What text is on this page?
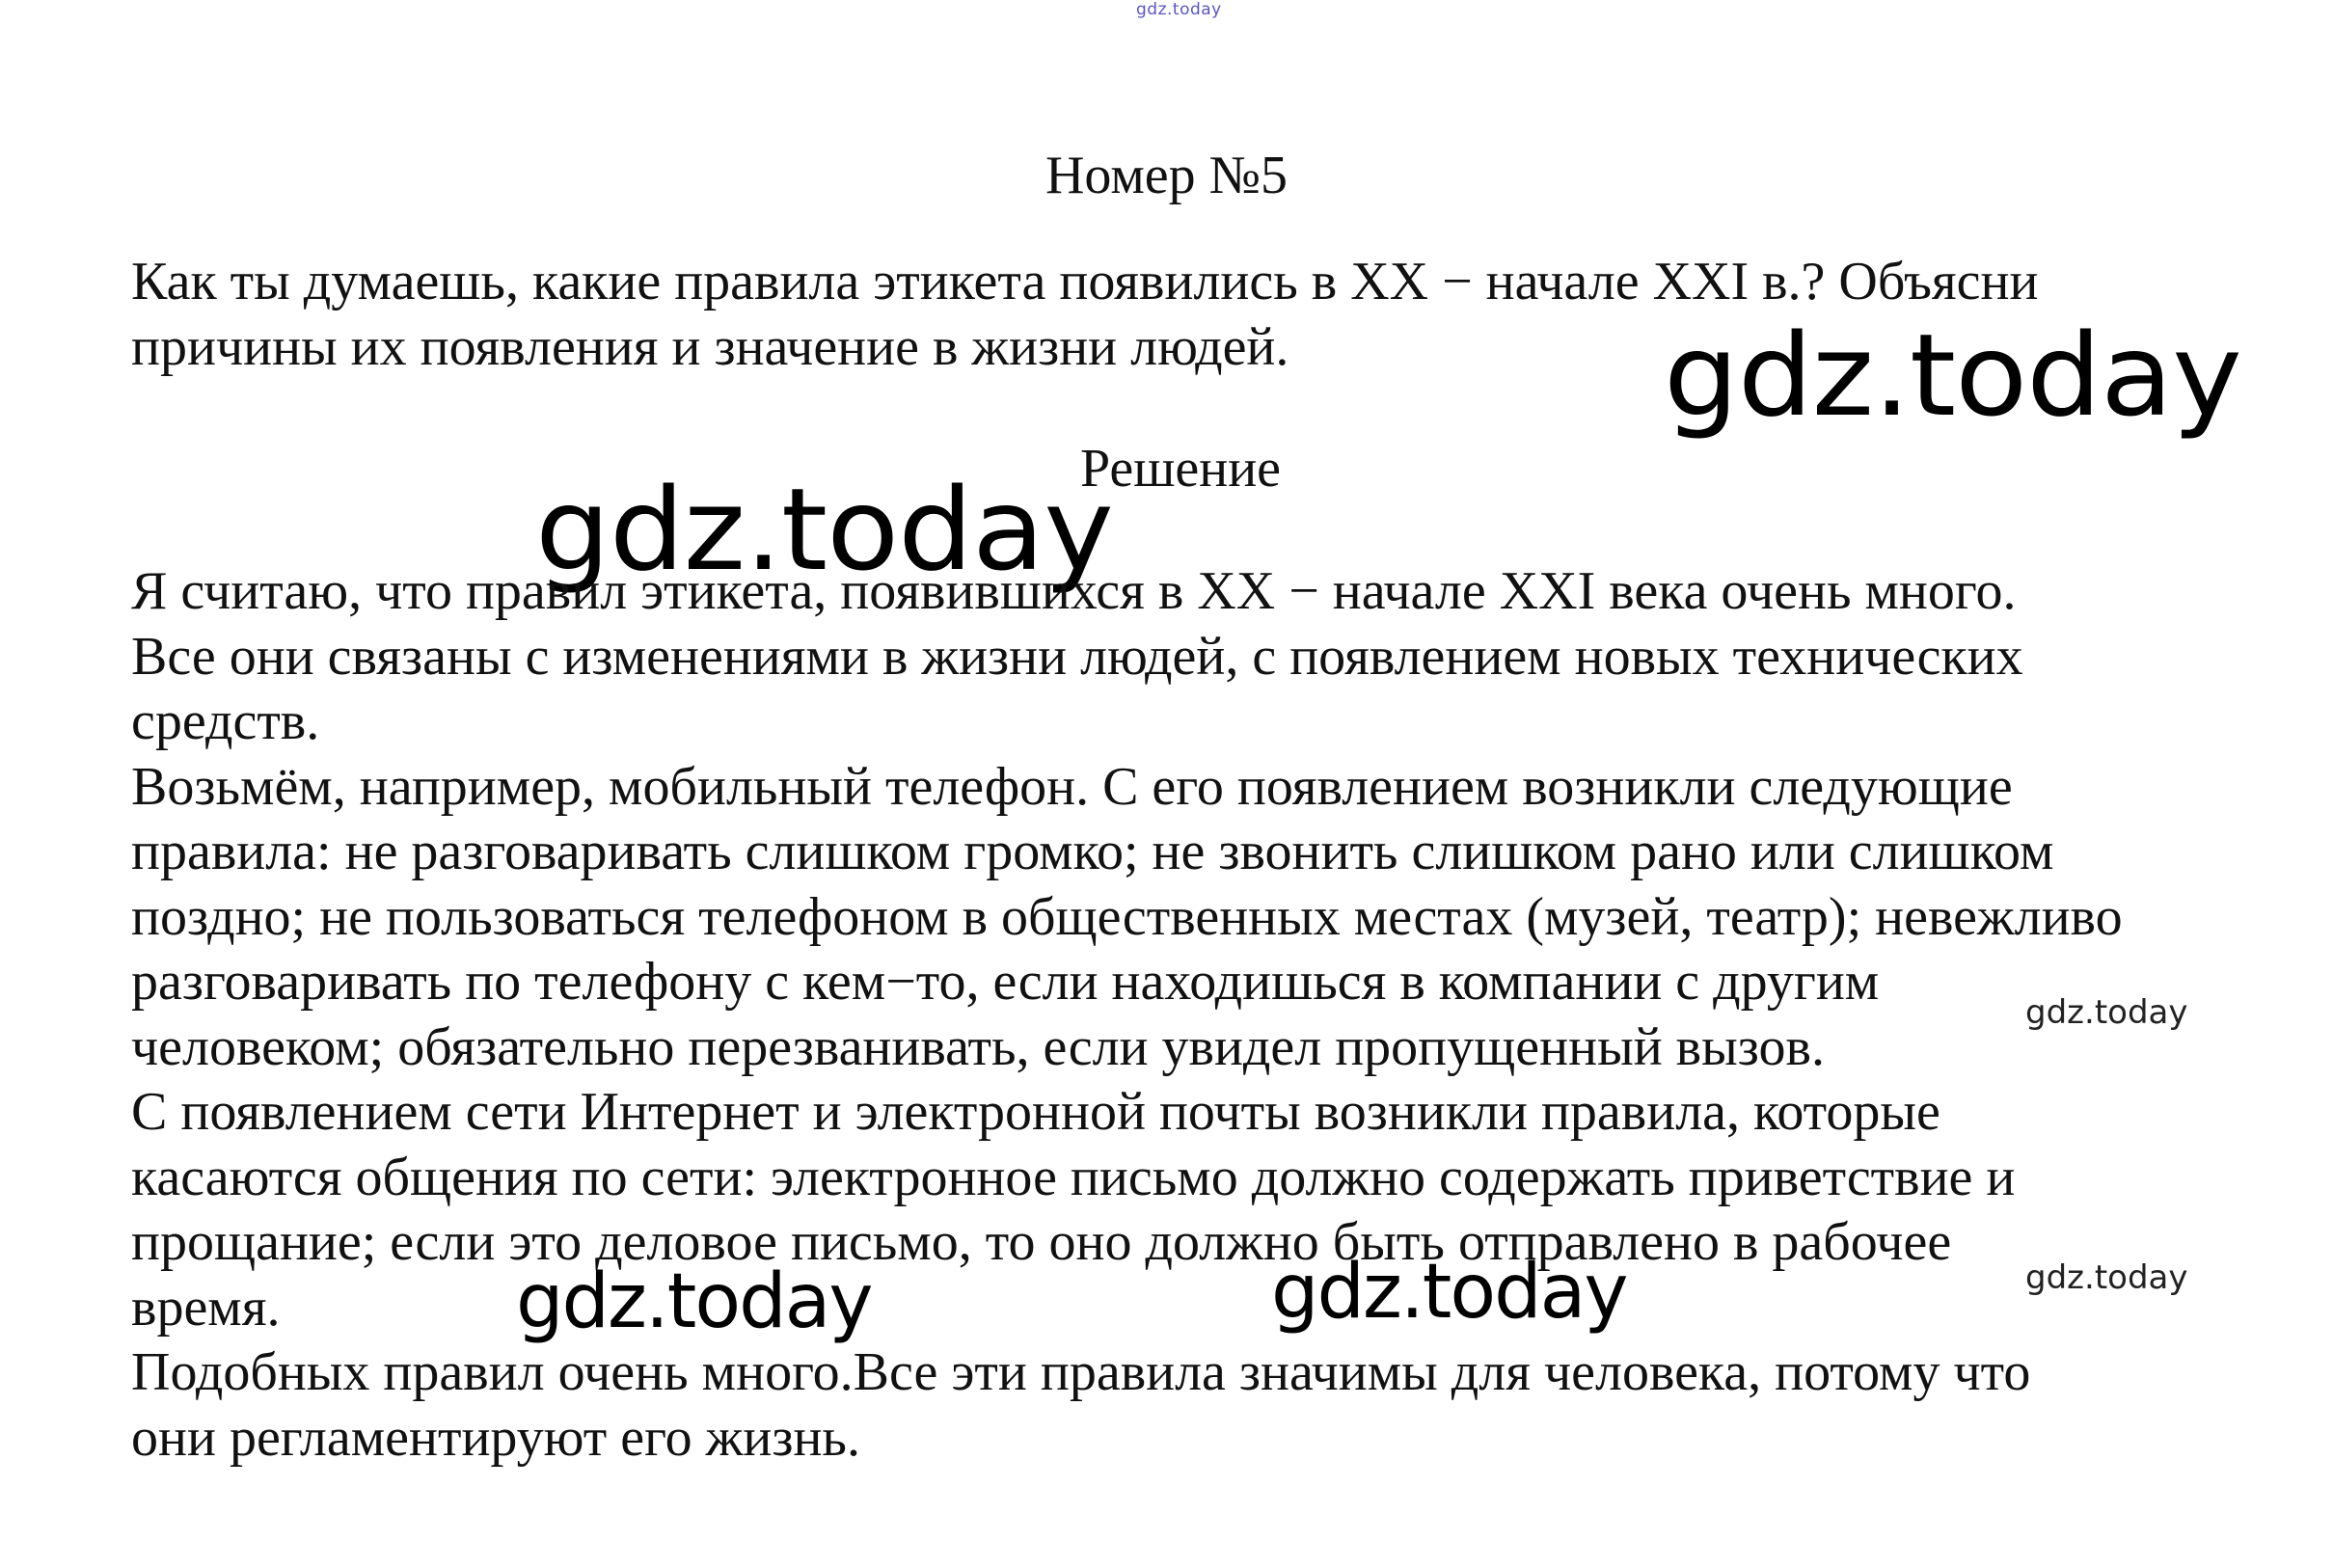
gdz.today
Номер №5
Как ты думаешь, какие правила этикета появились в XX − начале XXI в.? Объясни
причины их появления и значение в жизни людей.	gdz.today
Решение
gdz.today
Я считаю, что правил этикета, появившихся в XX − начале XXI века очень много.
Все они связаны с изменениями в жизни людей, с появлением новых технических
средств.
Возьмём, например, мобильный телефон. С его появлением возникли следующие
правила: не разговаривать слишком громко; не звонить слишком рано или слишком
поздно; не пользоваться телефоном в общественных местах (музей, театр); невежливо
разговаривать по телефону с кем−то, если находишься в компании с другим
человеком; обязательно перезванивать, если увидел пропущенный вызов.
С появлением сети Интернет и электронной почты возникли правила, которые
касаются общения по сети: электронное письмо должно содержать приветствие и
прощание; если это деловое письмо, то оно должно быть отправлено в рабочее
время.
Подобных правил очень много.Все эти правила значимы для человека, потому что
они регламентируют его жизнь.
gdz.today
gdz.today
gdz.today	gdz.today
